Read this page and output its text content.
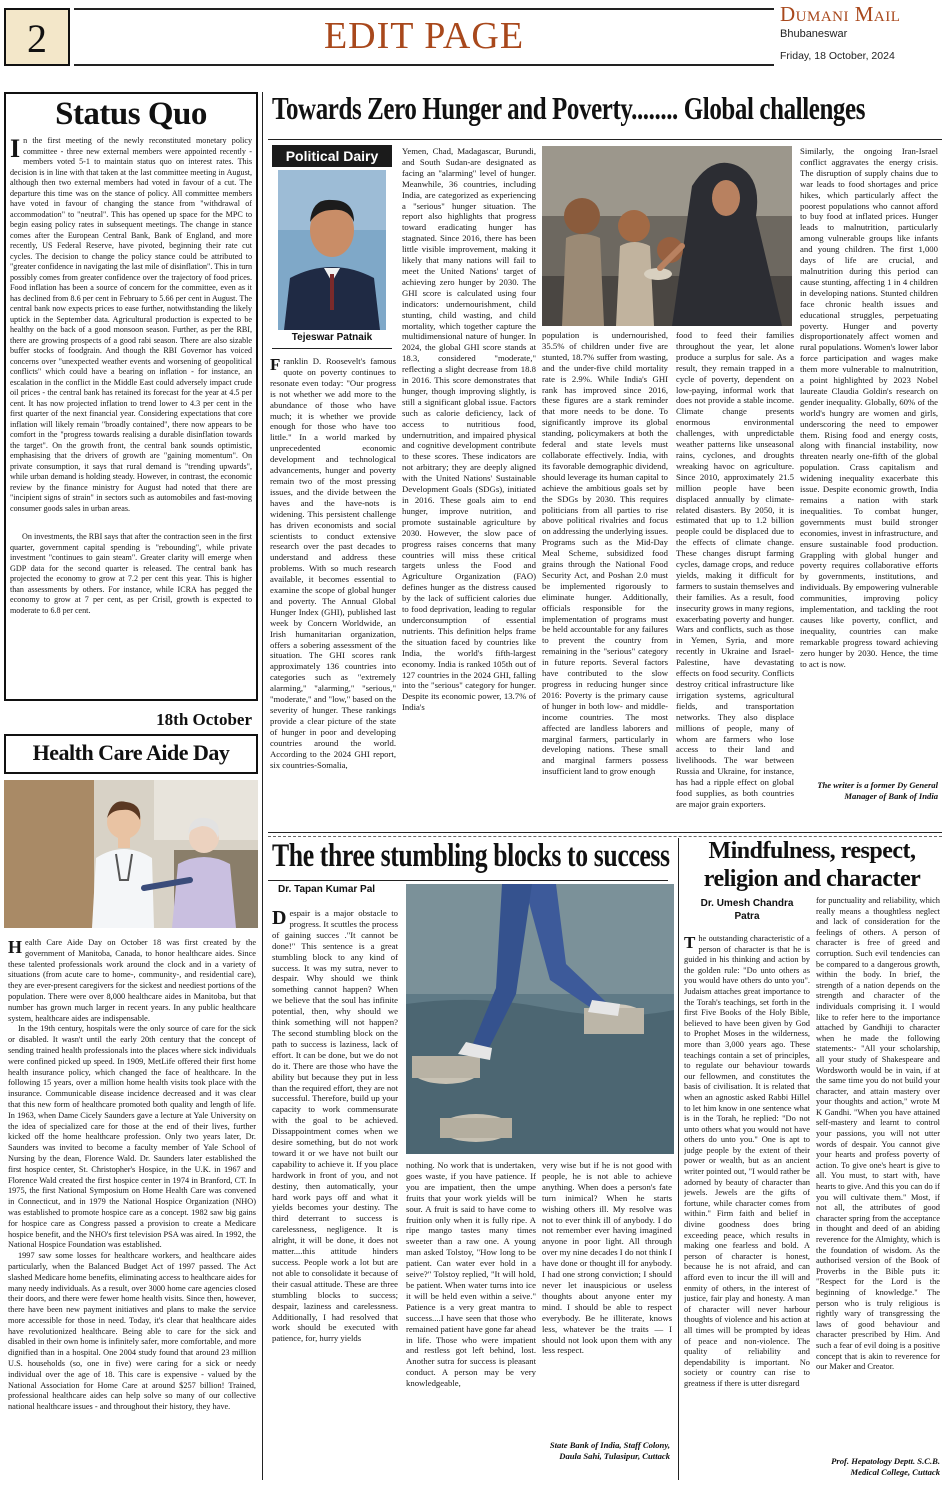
2	EDIT PAGE
Dumani Mail
Bhubaneswar
Friday, 18 October, 2024
Status Quo

In the first meeting of the newly reconstituted monetary policy committee - three new external members were appointed recently - members voted 5-1 to maintain status quo on interest rates. This decision is in line with that taken at the last committee meeting in August, although then two external members had voted in favour of a cut. The departure this time was on the stance of policy. All committee members have voted in favour of changing the stance from "withdrawal of accommodation" to "neutral". This has opened up space for the MPC to begin easing policy rates in subsequent meetings. The change in stance comes after the European Central Bank, Bank of England, and more recently, US Federal Reserve, have pivoted, beginning their rate cut cycles. The decision to change the policy stance could be attributed to "greater confidence in navigating the last mile of disinflation". This in turn possibly comes from greater confidence over the trajectory of food prices. Food inflation has been a source of concern for the committee, even as it has declined from 8.6 per cent in February to 5.66 per cent in August. The central bank now expects prices to ease further, notwithstanding the likely uptick in the September data. Agricultural production is expected to be healthy on the back of a good monsoon season. Further, as per the RBI, there are growing prospects of a good rabi season. There are also sizable buffer stocks of foodgrain. And though the RBI Governor has voiced concerns over "unexpected weather events and worsening of geopolitical conflicts" which could have a bearing on inflation - for instance, an escalation in the conflict in the Middle East could adversely impact crude oil prices - the central bank has retained its forecast for the year at 4.5 per cent. It has now projected inflation to trend lower to 4.3 per cent in the first quarter of the next financial year. Considering expectations that core inflation will likely remain "broadly contained", there now appears to be comfort in the "progress towards realising a durable disinflation towards the target". On the growth front, the central bank sounds optimistic, emphasising that the drivers of growth are "gaining momentum". On private consumption, it says that rural demand is "trending upwards", while urban demand is holding steady. However, in contrast, the economic review by the finance ministry for August had noted that there are "incipient signs of strain" in sectors such as automobiles and fast-moving consumer goods sales in urban areas.

On investments, the RBI says that after the contraction seen in the first quarter, government capital spending is "rebounding", while private investment "continues to gain steam". Greater clarity will emerge when GDP data for the second quarter is released. The central bank has projected the economy to grow at 7.2 per cent this year. This is higher than assessments by others. For instance, while ICRA has pegged the economy to grow at 7 per cent, as per Crisil, growth is expected to moderate to 6.8 per cent.

18th October
Health Care Aide Day

Health Care Aide Day on October 18 was first created by the government of Manitoba, Canada, to honor healthcare aides. Since these talented professionals work around the clock and in a variety of situations (from acute care to home-, community-, and residential care), they are ever-present caregivers for the sickest and neediest portions of the population. There were over 8,000 healthcare aides in Manitoba, but that number has grown much larger in recent years. In any public healthcare system, healthcare aides are indispensable.

In the 19th century, hospitals were the only source of care for the sick or disabled. It wasn't until the early 20th century that the concept of sending trained health professionals into the places where sick individuals were confined picked up speed. In 1909, MetLife offered their first home health insurance policy, which changed the face of healthcare. In the following 15 years, over a million home health visits took place with the insurance. Communicable disease incidence decreased and it was clear that this new form of healthcare promoted both quality and length of life. In 1963, when Dame Cicely Saunders gave a lecture at Yale University on the idea of specialized care for those at the end of their lives, further kicked off the home healthcare profession. Only two years later, Dr. Saunders was invited to become a faculty member of Yale School of Nursing by the dean, Florence Wald. Dr. Saunders later established the first hospice center, St. Christopher's Hospice, in the U.K. in 1967 and Florence Wald created the first hospice center in 1974 in Branford, CT. In 1975, the first National Symposium on Home Health Care was convened in Connecticut, and in 1979 the National Hospice Organization (NHO) was established to promote hospice care as a concept. 1982 saw big gains for hospice care as Congress passed a provision to create a Medicare hospice benefit, and the NHO's first television PSA was aired. In 1992, the National Hospice Foundation was established.

1997 saw some losses for healthcare workers, and healthcare aides particularly, when the Balanced Budget Act of 1997 passed. The Act slashed Medicare home benefits, eliminating access to healthcare aides for many needy individuals. As a result, over 3000 home care agencies closed their doors, and there were fewer home health visits. Since then, however, there have been new payment initiatives and plans to make the service more accessible for those in need. Today, it's clear that healthcare aides have revolutionized healthcare. Being able to care for the sick and disabled in their own home is infinitely safer, more comfortable, and more dignified than in a hospital. One 2004 study found that around 23 million U.S. households (so, one in five) were caring for a sick or needy individual over the age of 18. This care is expensive - valued by the National Association for Home Care at around $257 billion! Trained, professional healthcare aides can help solve so many of our collective national healthcare issues - and throughout their history, they have.

Towards Zero Hunger and Poverty........ Global challenges
Political Dairy
Tejeswar Patnaik

Franklin D. Roosevelt's famous quote on poverty continues to resonate even today: "Our progress is not whether we add more to the abundance of those who have much; it is whether we provide enough for those who have too little." In a world marked by unprecedented economic development and technological advancements, hunger and poverty remain two of the most pressing issues, and the divide between the haves and the have-nots is widening. This persistent challenge has driven economists and social scientists to conduct extensive research over the past decades to understand and address these problems. With so much research available, it becomes essential to examine the scope of global hunger and poverty. The Annual Global Hunger Index (GHI), published last week by Concern Worldwide, an Irish humanitarian organization, offers a sobering assessment of the situation. The GHI scores rank approximately 136 countries into categories such as "extremely alarming," "alarming," "serious," "moderate," and "low," based on the severity of hunger. These rankings provide a clear picture of the state of hunger in poor and developing countries around the world. According to the 2024 GHI report, six countries-Somalia,

Yemen, Chad, Madagascar, Burundi, and South Sudan-are designated as facing an "alarming" level of hunger. Meanwhile, 36 countries, including India, are categorized as experiencing a "serious" hunger situation. The report also highlights that progress toward eradicating hunger has stagnated. Since 2016, there has been little visible improvement, making it likely that many nations will fail to meet the United Nations' target of achieving zero hunger by 2030. The GHI score is calculated using four indicators: undernourishment, child stunting, child wasting, and child mortality, which together capture the multidimensional nature of hunger. In 2024, the global GHI score stands at 18.3, considered "moderate," reflecting a slight decrease from 18.8 in 2016. This score demonstrates that hunger, though improving slightly, is still a significant global issue. Factors such as calorie deficiency, lack of access to nutritious food, undernutrition, and impaired physical and cognitive development contribute to these scores. These indicators are not arbitrary; they are deeply aligned with the United Nations' Sustainable Development Goals (SDGs), initiated in 2016. These goals aim to end hunger, improve nutrition, and promote sustainable agriculture by 2030. However, the slow pace of progress raises concerns that many countries will miss these critical targets unless the Food and Agriculture Organization (FAO) defines hunger as the distress caused by the lack of sufficient calories due to food deprivation, leading to regular underconsumption of essential nutrients. This definition helps frame the situation faced by countries like India, the world's fifth-largest economy. India is ranked 105th out of 127 countries in the 2024 GHI, falling into the "serious" category for hunger. Despite its economic power, 13.7% of India's

population is undernourished, 35.5% of children under five are stunted, 18.7% suffer from wasting, and the under-five child mortality rate is 2.9%. While India's GHI rank has improved since 2016, these figures are a stark reminder that more needs to be done. To significantly improve its global standing, policymakers at both the federal and state levels must collaborate effectively. India, with its favorable demographic dividend, should leverage its human capital to achieve the ambitious goals set by the SDGs by 2030. This requires politicians from all parties to rise above political rivalries and focus on addressing the underlying issues. Programs such as the Mid-Day Meal Scheme, subsidized food grains through the National Food Security Act, and Poshan 2.0 must be implemented rigorously to eliminate hunger. Additionally, officials responsible for the implementation of programs must be held accountable for any failures to prevent the country from remaining in the "serious" category in future reports. Several factors have contributed to the slow progress in reducing hunger since 2016: Poverty is the primary cause of hunger in both low- and middle-income countries. The most affected are landless laborers and marginal farmers, particularly in developing nations. These small and marginal farmers possess insufficient land to grow enough

food to feed their families throughout the year, let alone produce a surplus for sale. As a result, they remain trapped in a cycle of poverty, dependent on low-paying, informal work that does not provide a stable income. Climate change presents enormous environmental challenges, with unpredictable weather patterns like unseasonal rains, cyclones, and droughts wreaking havoc on agriculture. Since 2010, approximately 21.5 million people have been displaced annually by climate-related disasters. By 2050, it is estimated that up to 1.2 billion people could be displaced due to the effects of climate change. These changes disrupt farming cycles, damage crops, and reduce yields, making it difficult for farmers to sustain themselves and their families. As a result, food insecurity grows in many regions, exacerbating poverty and hunger. Wars and conflicts, such as those in Yemen, Syria, and more recently in Ukraine and Israel-Palestine, have devastating effects on food security. Conflicts destroy critical infrastructure like irrigation systems, agricultural fields, and transportation networks. They also displace millions of people, many of whom are farmers who lose access to their land and livelihoods. The war between Russia and Ukraine, for instance, has had a ripple effect on global food supplies, as both countries are major grain exporters.

Similarly, the ongoing Iran-Israel conflict aggravates the energy crisis. The disruption of supply chains due to war leads to food shortages and price hikes, which particularly affect the poorest populations who cannot afford to buy food at inflated prices. Hunger leads to malnutrition, particularly among vulnerable groups like infants and young children. The first 1,000 days of life are crucial, and malnutrition during this period can cause stunting, affecting 1 in 4 children in developing nations. Stunted children face chronic health issues and educational struggles, perpetuating poverty. Hunger and poverty disproportionately affect women and rural populations. Women's lower labor force participation and wages make them more vulnerable to malnutrition, a point highlighted by 2023 Nobel laureate Claudia Goldin's research on gender inequality. Globally, 60% of the world's hungry are women and girls, underscoring the need to empower them. Rising food and energy costs, along with financial instability, now threaten nearly one-fifth of the global population. Crass capitalism and widening inequality exacerbate this issue. Despite economic growth, India remains a nation with stark inequalities. To combat hunger, governments must build stronger economies, invest in infrastructure, and ensure sustainable food production. Grappling with global hunger and poverty requires collaborative efforts by governments, institutions, and individuals. By empowering vulnerable communities, improving policy implementation, and tackling the root causes like poverty, conflict, and inequality, countries can make remarkable progress toward achieving zero hunger by 2030. Hence, the time to act is now.

The writer is a former Dy General Manager of Bank of India
The three stumbling blocks to success
Dr. Tapan Kumar Pal

Despair is a major obstacle to progress. It scuttles the process of gaining succes ."It cannot be done!" This sentence is a great stumbling block to any kind of success. It was my sutra, never to despair. Why should we think something cannot happen? When we believe that the soul has infinite potential, then, why should we think something will not happen? The second stumbling block on the path to success is laziness, lack of effort. It can be done, but we do not do it. There are those who have the ability but because they put in less than the required effort, they are not successful. Therefore, build up your capacity to work commensurate with the goal to be achieved. Dissappointment comes when we desire something, but do not work toward it or we have not built our capability to achieve it. If you place hardwork in front of you, and not destiny, then automatically, your hard work pays off and what it yields becomes your destiny. The third deterrant to success is carelessness, negligence. It is alright, it will be done, it does not matter....this attitude hinders success. People work a lot but are not able to consolidate it because of their casual attitude. These are three stumbling blocks to success; despair, laziness and carelessness. Additionally, I had resolved that work should be executed with patience, for, hurry yields

nothing. No work that is undertaken, goes waste, if you have patience. If you are impatient, then the umpe fruits that your work yields will be sour. A fruit is said to have come to fruition only when it is fully ripe. A ripe mango tastes many times sweeter than a raw one. A young man asked Tolstoy, "How long to be patient. Can water ever hold in a seive?" Tolstoy replied, "It will hold, be patient. When water turns into ice it will be held even within a seive." Patience is a very great mantra to success....I have seen that those who remained patient have gone far ahead in life. Those who were impatient and restless got left behind, lost. Another sutra for success is pleasant conduct. A person may be very knowledgeable,

very wise but if he is not good with people, he is not able to achieve anything. When does a person's fate turn inimical? When he starts wishing others ill. My resolve was not to ever think ill of anybody. I do not remember ever having imagined anyone in poor light. All through over my nine decades I do not think I have done or thought ill for anybody. I had one strong conviction; I should never let inauspicious or useless thoughts about anyone enter my mind. I should be able to respect everybody. Be he illiterate, knows less, whatever be the traits — I should not look upon them with any less respect.

State Bank of India, Staff Colony, Daula Sahi, Tulasipur, Cuttack
Mindfulness, respect,
religion and character
Dr. Umesh Chandra
Patra

The outstanding characteristic of a person of character is that he is guided in his thinking and action by the golden rule: "Do unto others as you would have others do unto you". Judaism attaches great importance to the Torah's teachings, set forth in the first Five Books of the Holy Bible, believed to have been given by God to Prophet Moses in the wilderness, more than 3,000 years ago. These teachings contain a set of principles, to regulate our behaviour towards our fellowmen, and constitutes the basis of civilisation. It is related that when an agnostic asked Rabbi Hillel to let him know in one sentence what is in the Torah, he replied: "Do not unto others what you would not have others do unto you." One is apt to judge people by the extent of their power or wealth, but as an ancient writer pointed out, "I would rather be adorned by beauty of character than jewels. Jewels are the gifts of fortune, while character comes from within." Firm faith and belief in divine goodness does bring exceeding peace, which results in making one fearless and bold. A person of character is honest, because he is not afraid, and can afford even to incur the ill will and enmity of others, in the interest of justice, fair play and honesty. A man of character will never harbour thoughts of violence and his action at all times will be prompted by ideas of peace and non-violence. The quality of reliability and dependability is important. No society or country can rise to greatness if there is utter disregard

for punctuality and reliability, which really means a thoughtless neglect and lack of consideration for the feelings of others. A person of character is free of greed and corruption. Such evil tendencies can be compared to a dangerous growth, within the body. In brief, the strength of a nation depends on the strength and character of the individuals comprising it. I would like to refer here to the importance attached by Gandhiji to character when he made the following statements:- "All your scholarship, all your study of Shakespeare and Wordsworth would be in vain, if at the same time you do not build your character, and attain mastery over your thoughts and action," wrote M K Gandhi. "When you have attained self-mastery and learnt to control your passions, you will not utter words of despair. You cannot give your hearts and profess poverty of action. To give one's heart is give to all. You must, to start with, have hearts to give. And this you can do if you will cultivate them." Most, if not all, the attributes of good character spring from the acceptance in thought and deed of an abiding reverence for the Almighty, which is the foundation of wisdom. As the authorised version of the Book of Proverbs in the Bible puts it: "Respect for the Lord is the beginning of knowledge." The person who is truly religious is rightly wary of transgressing the laws of good behaviour and character prescribed by Him. And such a fear of evil doing is a positive concept that is akin to reverence for our Maker and Creator.

Prof. Hepatology Deptt. S.C.B. Medical College, Cuttack
